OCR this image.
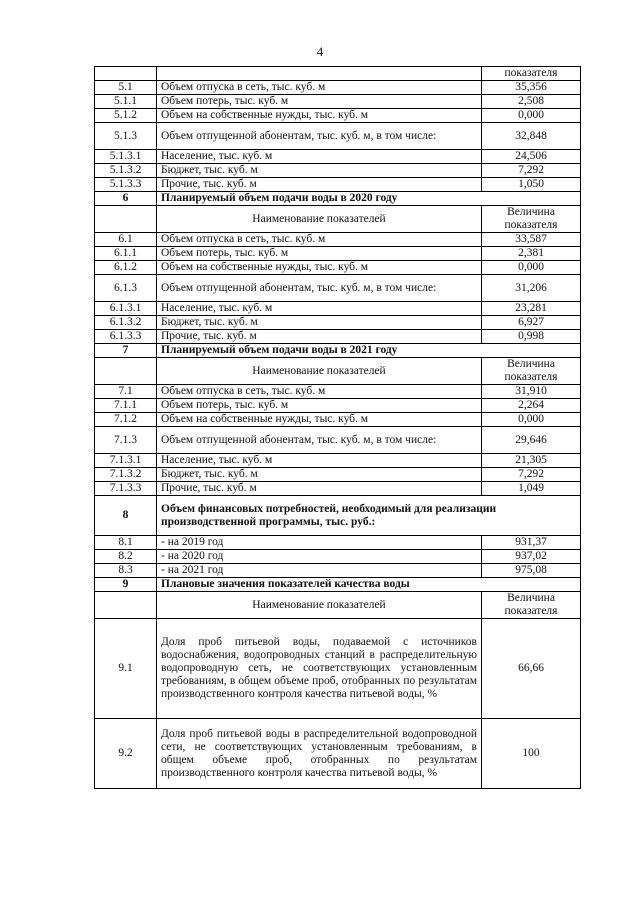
4
		показателя
5.1	Объем отпуска в сеть, тыс. куб. м	35,356
5.1.1	Объем потерь, тыс. куб. м	2,508
5.1.2	Объем на собственные нужды, тыс. куб. м	0,000
5.1.3	Объем отпущенной абонентам, тыс. куб. м, в том числе:	32,848
5.1.3.1	Население, тыс. куб. м	24,506
5.1.3.2	Бюджет, тыс. куб. м	7,292
5.1.3.3	Прочие, тыс. куб. м	1,050
6	Планируемый объем подачи воды в 2020 году	
	Наименование показателей	Величина показателя
6.1	Объем отпуска в сеть, тыс. куб. м	33,587
6.1.1	Объем потерь, тыс. куб. м	2,381
6.1.2	Объем на собственные нужды, тыс. куб. м	0,000
6.1.3	Объем отпущенной абонентам, тыс. куб. м, в том числе:	31,206
6.1.3.1	Население, тыс. куб. м	23,281
6.1.3.2	Бюджет, тыс. куб. м	6,927
6.1.3.3	Прочие, тыс. куб. м	0,998
7	Планируемый объем подачи воды в 2021 году	
	Наименование показателей	Величина показателя
7.1	Объем отпуска в сеть, тыс. куб. м	31,910
7.1.1	Объем потерь, тыс. куб. м	2,264
7.1.2	Объем на собственные нужды, тыс. куб. м	0,000
7.1.3	Объем отпущенной абонентам, тыс. куб. м, в том числе:	29,646
7.1.3.1	Население, тыс. куб. м	21,305
7.1.3.2	Бюджет, тыс. куб. м	7,292
7.1.3.3	Прочие, тыс. куб. м	1,049
8	Объем финансовых потребностей, необходимый для реализации производственной программы, тыс. руб.:	
8.1	- на 2019 год	931,37
8.2	- на 2020 год	937,02
8.3	- на 2021 год	975,08
9	Плановые значения показателей качества воды	
	Наименование показателей	Величина показателя
9.1	Доля проб питьевой воды, подаваемой с источников водоснабжения, водопроводных станций в распределительную водопроводную сеть, не соответствующих установленным требованиям, в общем объеме проб, отобранных по результатам производственного контроля качества питьевой воды, %	66,66
9.2	Доля проб питьевой воды в распределительной водопроводной сети, не соответствующих установленным требованиям, в общем объеме проб, отобранных по результатам производственного контроля качества питьевой воды, %	100
